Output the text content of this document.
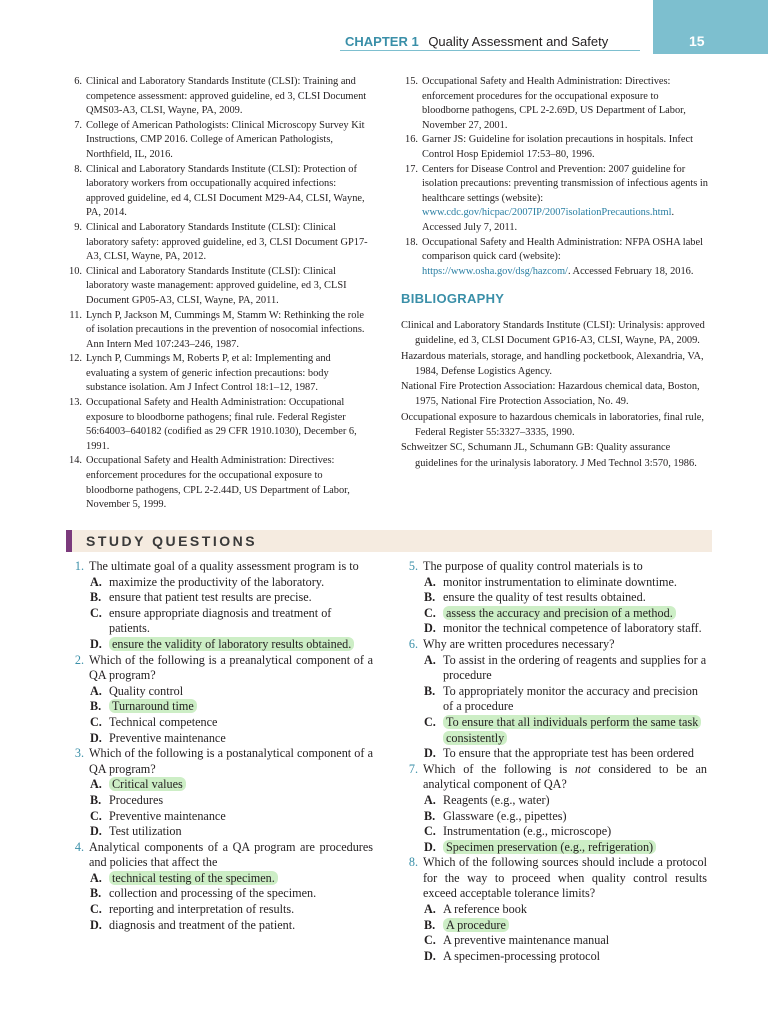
CHAPTER 1 Quality Assessment and Safety	15

6. Clinical and Laboratory Standards Institute (CLSI): Training and competence assessment: approved guideline, ed 3, CLSI Document QMS03-A3, CLSI, Wayne, PA, 2009.

7. College of American Pathologists: Clinical Microscopy Survey Kit Instructions, CMP 2016. College of American Pathologists, Northfield, IL, 2016.

8. Clinical and Laboratory Standards Institute (CLSI): Protection of laboratory workers from occupationally acquired infections: approved guideline, ed 4, CLSI Document M29-A4, CLSI, Wayne, PA, 2014.

9. Clinical and Laboratory Standards Institute (CLSI): Clinical laboratory safety: approved guideline, ed 3, CLSI Document GP17-A3, CLSI, Wayne, PA, 2012.

10. Clinical and Laboratory Standards Institute (CLSI): Clinical laboratory waste management: approved guideline, ed 3, CLSI Document GP05-A3, CLSI, Wayne, PA, 2011.

11. Lynch P, Jackson M, Cummings M, Stamm W: Rethinking the role of isolation precautions in the prevention of nosocomial infections. Ann Intern Med 107:243–246, 1987.

12. Lynch P, Cummings M, Roberts P, et al: Implementing and evaluating a system of generic infection precautions: body substance isolation. Am J Infect Control 18:1–12, 1987.

13. Occupational Safety and Health Administration: Occupational exposure to bloodborne pathogens; final rule. Federal Register 56:64003–640182 (codified as 29 CFR 1910.1030), December 6, 1991.

14. Occupational Safety and Health Administration: Directives: enforcement procedures for the occupational exposure to bloodborne pathogens, CPL 2-2.44D, US Department of Labor, November 5, 1999.

15. Occupational Safety and Health Administration: Directives: enforcement procedures for the occupational exposure to bloodborne pathogens, CPL 2-2.69D, US Department of Labor, November 27, 2001.

16. Garner JS: Guideline for isolation precautions in hospitals. Infect Control Hosp Epidemiol 17:53–80, 1996.

17. Centers for Disease Control and Prevention: 2007 guideline for isolation precautions: preventing transmission of infectious agents in healthcare settings (website): www.cdc.gov/hicpac/2007IP/2007isolationPrecautions.html. Accessed July 7, 2011.

18. Occupational Safety and Health Administration: NFPA OSHA label comparison quick card (website): https://www.osha.gov/dsg/hazcom/. Accessed February 18, 2016.

BIBLIOGRAPHY

Clinical and Laboratory Standards Institute (CLSI): Urinalysis: approved guideline, ed 3, CLSI Document GP16-A3, CLSI, Wayne, PA, 2009.

Hazardous materials, storage, and handling pocketbook, Alexandria, VA, 1984, Defense Logistics Agency.

National Fire Protection Association: Hazardous chemical data, Boston, 1975, National Fire Protection Association, No. 49.

Occupational exposure to hazardous chemicals in laboratories, final rule, Federal Register 55:3327–3335, 1990.

Schweitzer SC, Schumann JL, Schumann GB: Quality assurance guidelines for the urinalysis laboratory. J Med Technol 3:570, 1986.

STUDY QUESTIONS

1. The ultimate goal of a quality assessment program is to

A. maximize the productivity of the laboratory.

B. ensure that patient test results are precise.

C. ensure appropriate diagnosis and treatment of patients.

D. ensure the validity of laboratory results obtained.

2. Which of the following is a preanalytical component of a QA program?

A. Quality control

B. Turnaround time

C. Technical competence

D. Preventive maintenance

3. Which of the following is a postanalytical component of a QA program?

A. Critical values

B. Procedures

C. Preventive maintenance

D. Test utilization

4. Analytical components of a QA program are procedures and policies that affect the

A. technical testing of the specimen.

B. collection and processing of the specimen.

C. reporting and interpretation of results.

D. diagnosis and treatment of the patient.

5. The purpose of quality control materials is to

A. monitor instrumentation to eliminate downtime.

B. ensure the quality of test results obtained.

C. assess the accuracy and precision of a method.

D. monitor the technical competence of laboratory staff.

6. Why are written procedures necessary?

A. To assist in the ordering of reagents and supplies for a procedure

B. To appropriately monitor the accuracy and precision of a procedure

C. To ensure that all individuals perform the same task consistently

D. To ensure that the appropriate test has been ordered

7. Which of the following is not considered to be an analytical component of QA?

A. Reagents (e.g., water)

B. Glassware (e.g., pipettes)

C. Instrumentation (e.g., microscope)

D. Specimen preservation (e.g., refrigeration)

8. Which of the following sources should include a protocol for the way to proceed when quality control results exceed acceptable tolerance limits?

A. A reference book

B. A procedure

C. A preventive maintenance manual

D. A specimen-processing protocol
